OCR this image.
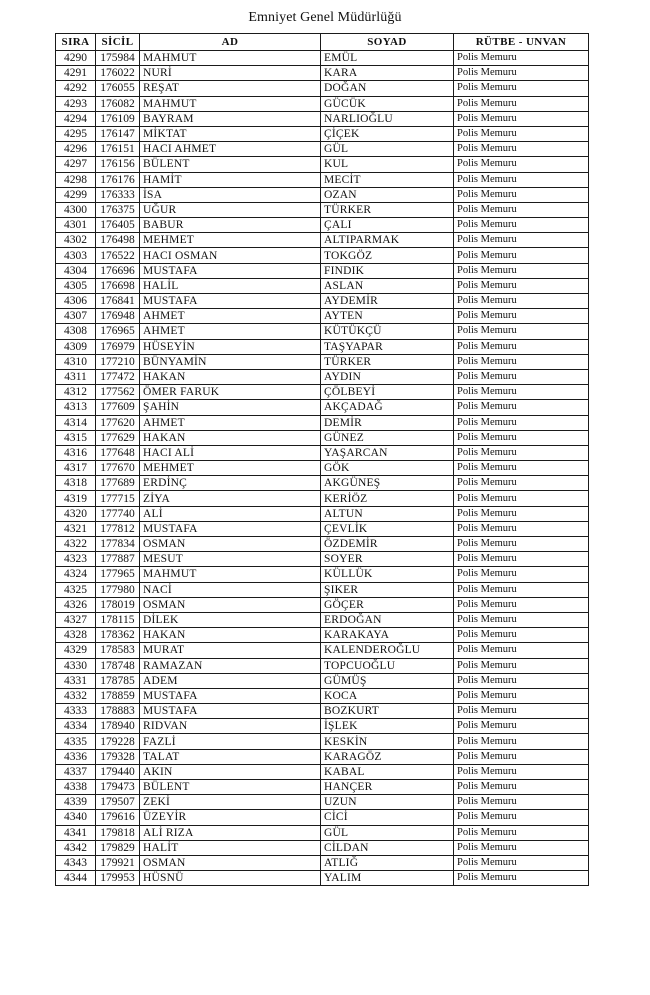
Emniyet Genel Müdürlüğü
SIRA	SİCİL	AD	SOYAD	RÜTBE - UNVAN
4290	175984	MAHMUT	EMÜL	Polis Memuru
4291	176022	NURİ	KARA	Polis Memuru
4292	176055	REŞAT	DOĞAN	Polis Memuru
4293	176082	MAHMUT	GÜCÜK	Polis Memuru
4294	176109	BAYRAM	NARLIOĞLU	Polis Memuru
4295	176147	MİKTAT	ÇİÇEK	Polis Memuru
4296	176151	HACI AHMET	GÜL	Polis Memuru
4297	176156	BÜLENT	KUL	Polis Memuru
4298	176176	HAMİT	MECİT	Polis Memuru
4299	176333	İSA	OZAN	Polis Memuru
4300	176375	UĞUR	TÜRKER	Polis Memuru
4301	176405	BABUR	ÇALI	Polis Memuru
4302	176498	MEHMET	ALTIPARMAK	Polis Memuru
4303	176522	HACI OSMAN	TOKGÖZ	Polis Memuru
4304	176696	MUSTAFA	FINDIK	Polis Memuru
4305	176698	HALİL	ASLAN	Polis Memuru
4306	176841	MUSTAFA	AYDEMİR	Polis Memuru
4307	176948	AHMET	AYTEN	Polis Memuru
4308	176965	AHMET	KÜTÜKÇÜ	Polis Memuru
4309	176979	HÜSEYİN	TAŞYAPAR	Polis Memuru
4310	177210	BÜNYAMİN	TÜRKER	Polis Memuru
4311	177472	HAKAN	AYDIN	Polis Memuru
4312	177562	ÖMER FARUK	ÇÖLBEYİ	Polis Memuru
4313	177609	ŞAHİN	AKÇADAĞ	Polis Memuru
4314	177620	AHMET	DEMİR	Polis Memuru
4315	177629	HAKAN	GÜNEZ	Polis Memuru
4316	177648	HACI ALİ	YAŞARCAN	Polis Memuru
4317	177670	MEHMET	GÖK	Polis Memuru
4318	177689	ERDİNÇ	AKGÜNEŞ	Polis Memuru
4319	177715	ZİYA	KERİÖZ	Polis Memuru
4320	177740	ALİ	ALTUN	Polis Memuru
4321	177812	MUSTAFA	ÇEVLİK	Polis Memuru
4322	177834	OSMAN	ÖZDEMİR	Polis Memuru
4323	177887	MESUT	SOYER	Polis Memuru
4324	177965	MAHMUT	KÜLLÜK	Polis Memuru
4325	177980	NACİ	ŞIKER	Polis Memuru
4326	178019	OSMAN	GÖÇER	Polis Memuru
4327	178115	DİLEK	ERDOĞAN	Polis Memuru
4328	178362	HAKAN	KARAKAYA	Polis Memuru
4329	178583	MURAT	KALENDEROĞLU	Polis Memuru
4330	178748	RAMAZAN	TOPCUOĞLU	Polis Memuru
4331	178785	ADEM	GÜMÜŞ	Polis Memuru
4332	178859	MUSTAFA	KOCA	Polis Memuru
4333	178883	MUSTAFA	BOZKURT	Polis Memuru
4334	178940	RIDVAN	İŞLEK	Polis Memuru
4335	179228	FAZLİ	KESKİN	Polis Memuru
4336	179328	TALAT	KARAGÖZ	Polis Memuru
4337	179440	AKIN	KABAL	Polis Memuru
4338	179473	BÜLENT	HANÇER	Polis Memuru
4339	179507	ZEKİ	UZUN	Polis Memuru
4340	179616	ÜZEYİR	CİCİ	Polis Memuru
4341	179818	ALİ RIZA	GÜL	Polis Memuru
4342	179829	HALİT	CİLDAN	Polis Memuru
4343	179921	OSMAN	ATLIĞ	Polis Memuru
4344	179953	HÜSNÜ	YALIM	Polis Memuru
